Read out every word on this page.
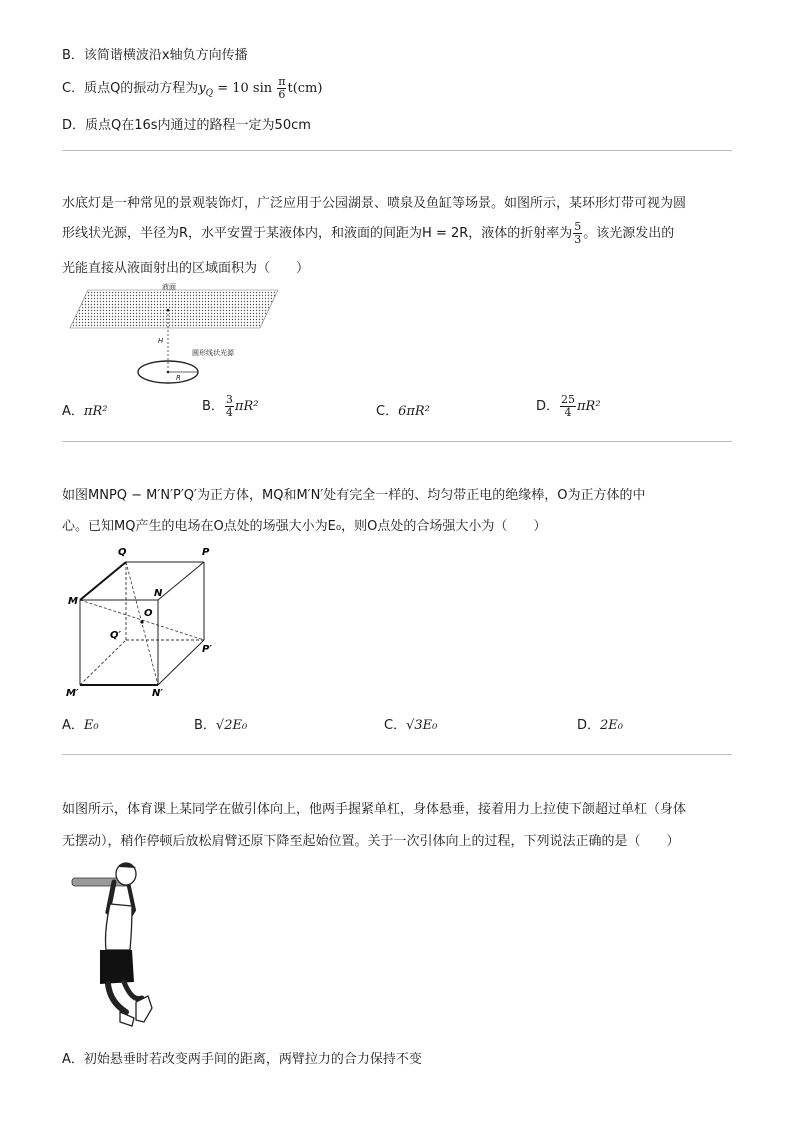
B．该简谐横波沿x轴负方向传播
C．质点Q的振动方程为$y_Q = 10$ $\sin \frac{\pi}{6} t(cm)$
D．质点Q在16s内通过的路程一定为50cm
水底灯是一种常见的景观装饰灯，广泛应用于公园湖景、喷泉及鱼缸等场景。如图所示，某环形灯带可视为圆
形线状光源，半径为R，水平安置于某液体内，和液面的间距为H = 2R，液体的折射率为 $\frac{5}{3}$ 。该光源发出的
光能直接从液面射出的区域面积为（　　）
液面
H
R
圆形线状光源
A．πR²	B． $\frac{3}{4} \pi R^2$	C．6πR²	D． $\frac{25}{4} \pi R^2$
如图MNPQ − M′N′P′Q′为正方体，MQ和M′N′处有完全一样的、均匀带正电的绝缘棒，O为正方体的中
心。已知MQ产生的电场在O点处的场强大小为E₀，则O点处的合场强大小为（　　）
Q	P
M
N
O
Q′
P′
M′	N′
A．E₀	B．√2E₀	C．√3E₀	D．2E₀
如图所示，体育课上某同学在做引体向上，他两手握紧单杠，身体悬垂，接着用力上拉使下颌超过单杠（身体
无摆动），稍作停顿后放松肩臂还原下降至起始位置。关于一次引体向上的过程，下列说法正确的是（　　）
A．初始悬垂时若改变两手间的距离，两臂拉力的合力保持不变
